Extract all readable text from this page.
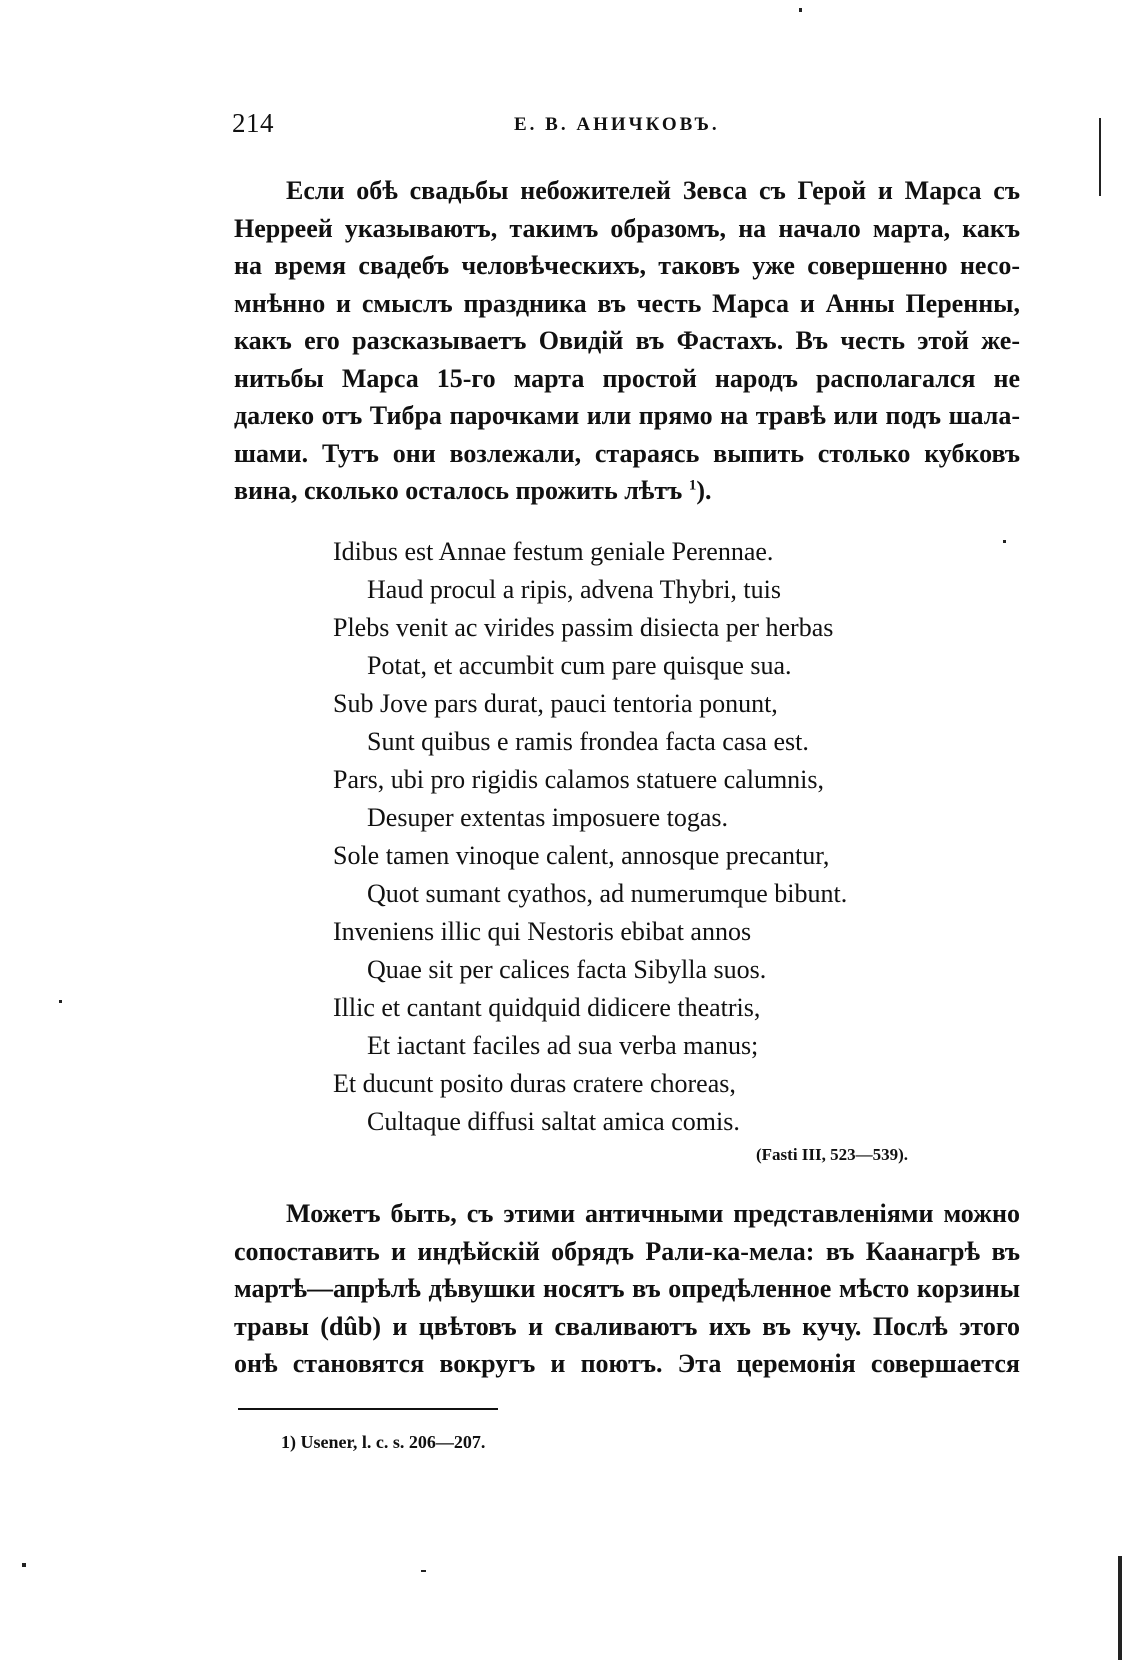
214	Е. В. АНИЧКОВЪ.
Если обѣ свадьбы небожителей Зевса съ Герой и Марса съ
Нерреей указываютъ, такимъ образомъ, на начало марта, какъ
на время свадебъ человѣческихъ, таковъ уже совершенно несо-
мнѣнно и смыслъ праздника въ честь Марса и Анны Перенны,
какъ его разсказываетъ Овидій въ Фастахъ. Въ честь этой же-
нитьбы Марса 15-го марта простой народъ располагался не
далеко отъ Тибра парочками или прямо на травѣ или подъ шала-
шами. Тутъ они возлежали, стараясь выпить столько кубковъ
вина, сколько осталось прожить лѣтъ $^1$).
Idibus est Annae festum geniale Perennae.
Haud procul a ripis, advena Thybri, tuis
Plebs venit ac virides passim disiecta per herbas
Potat, et accumbit cum pare quisque sua.
Sub Jove pars durat, pauci tentoria ponunt,
Sunt quibus e ramis frondea facta casa est.
Pars, ubi pro rigidis calamos statuere calumnis,
Desuper extentas imposuere togas.
Sole tamen vinoque calent, annosque precantur,
Quot sumant cyathos, ad numerumque bibunt.
Inveniens illic qui Nestoris ebibat annos
Quae sit per calices facta Sibylla suos.
Illic et cantant quidquid didicere theatris,
Et iactant faciles ad sua verba manus;
Et ducunt posito duras cratere choreas,
Cultaque diffusi saltat amica comis.
(Fasti III, 523—539).
Можетъ быть, съ этими античными представленіями можно
сопоставить и индѣйскій обрядъ Рали-ка-мела: въ Каанагрѣ въ
мартѣ—апрѣлѣ дѣвушки носятъ въ опредѣленное мѣсто корзины
травы (dûb) и цвѣтовъ и сваливаютъ ихъ въ кучу. Послѣ этого
онѣ становятся вокругъ и поютъ. Эта церемонія совершается
1) Usener, l. c. s. 206—207.
